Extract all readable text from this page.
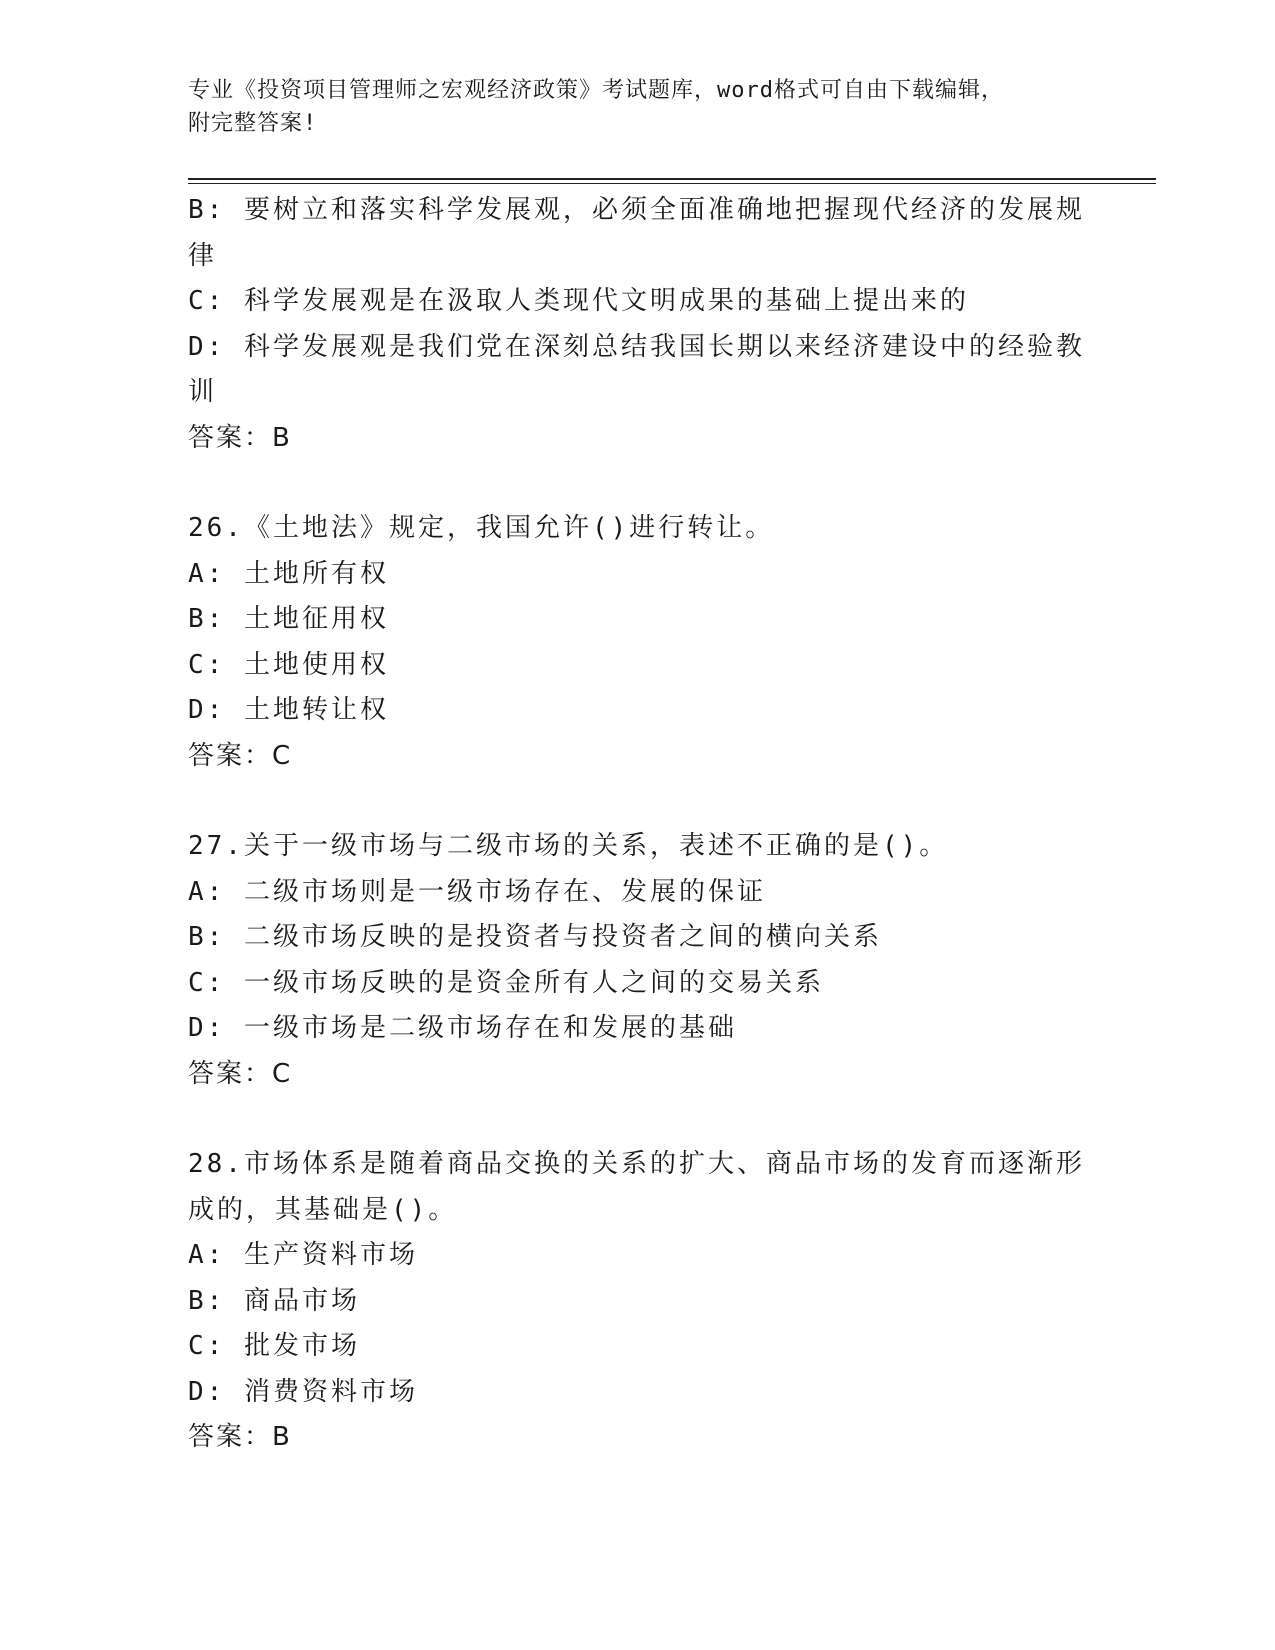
专业《投资项目管理师之宏观经济政策》考试题库，word格式可自由下载编辑，
附完整答案!

B: 要树立和落实科学发展观，必须全面准确地把握现代经济的发展规律

C: 科学发展观是在汲取人类现代文明成果的基础上提出来的

D: 科学发展观是我们党在深刻总结我国长期以来经济建设中的经验教训

答案：B

26.《土地法》规定，我国允许()进行转让。

A: 土地所有权

B: 土地征用权

C: 土地使用权

D: 土地转让权

答案：C

27.关于一级市场与二级市场的关系，表述不正确的是()。

A: 二级市场则是一级市场存在、发展的保证

B: 二级市场反映的是投资者与投资者之间的横向关系

C: 一级市场反映的是资金所有人之间的交易关系

D: 一级市场是二级市场存在和发展的基础

答案：C

28.市场体系是随着商品交换的关系的扩大、商品市场的发育而逐渐形成的，其基础是()。

A: 生产资料市场

B: 商品市场

C: 批发市场

D: 消费资料市场

答案：B
